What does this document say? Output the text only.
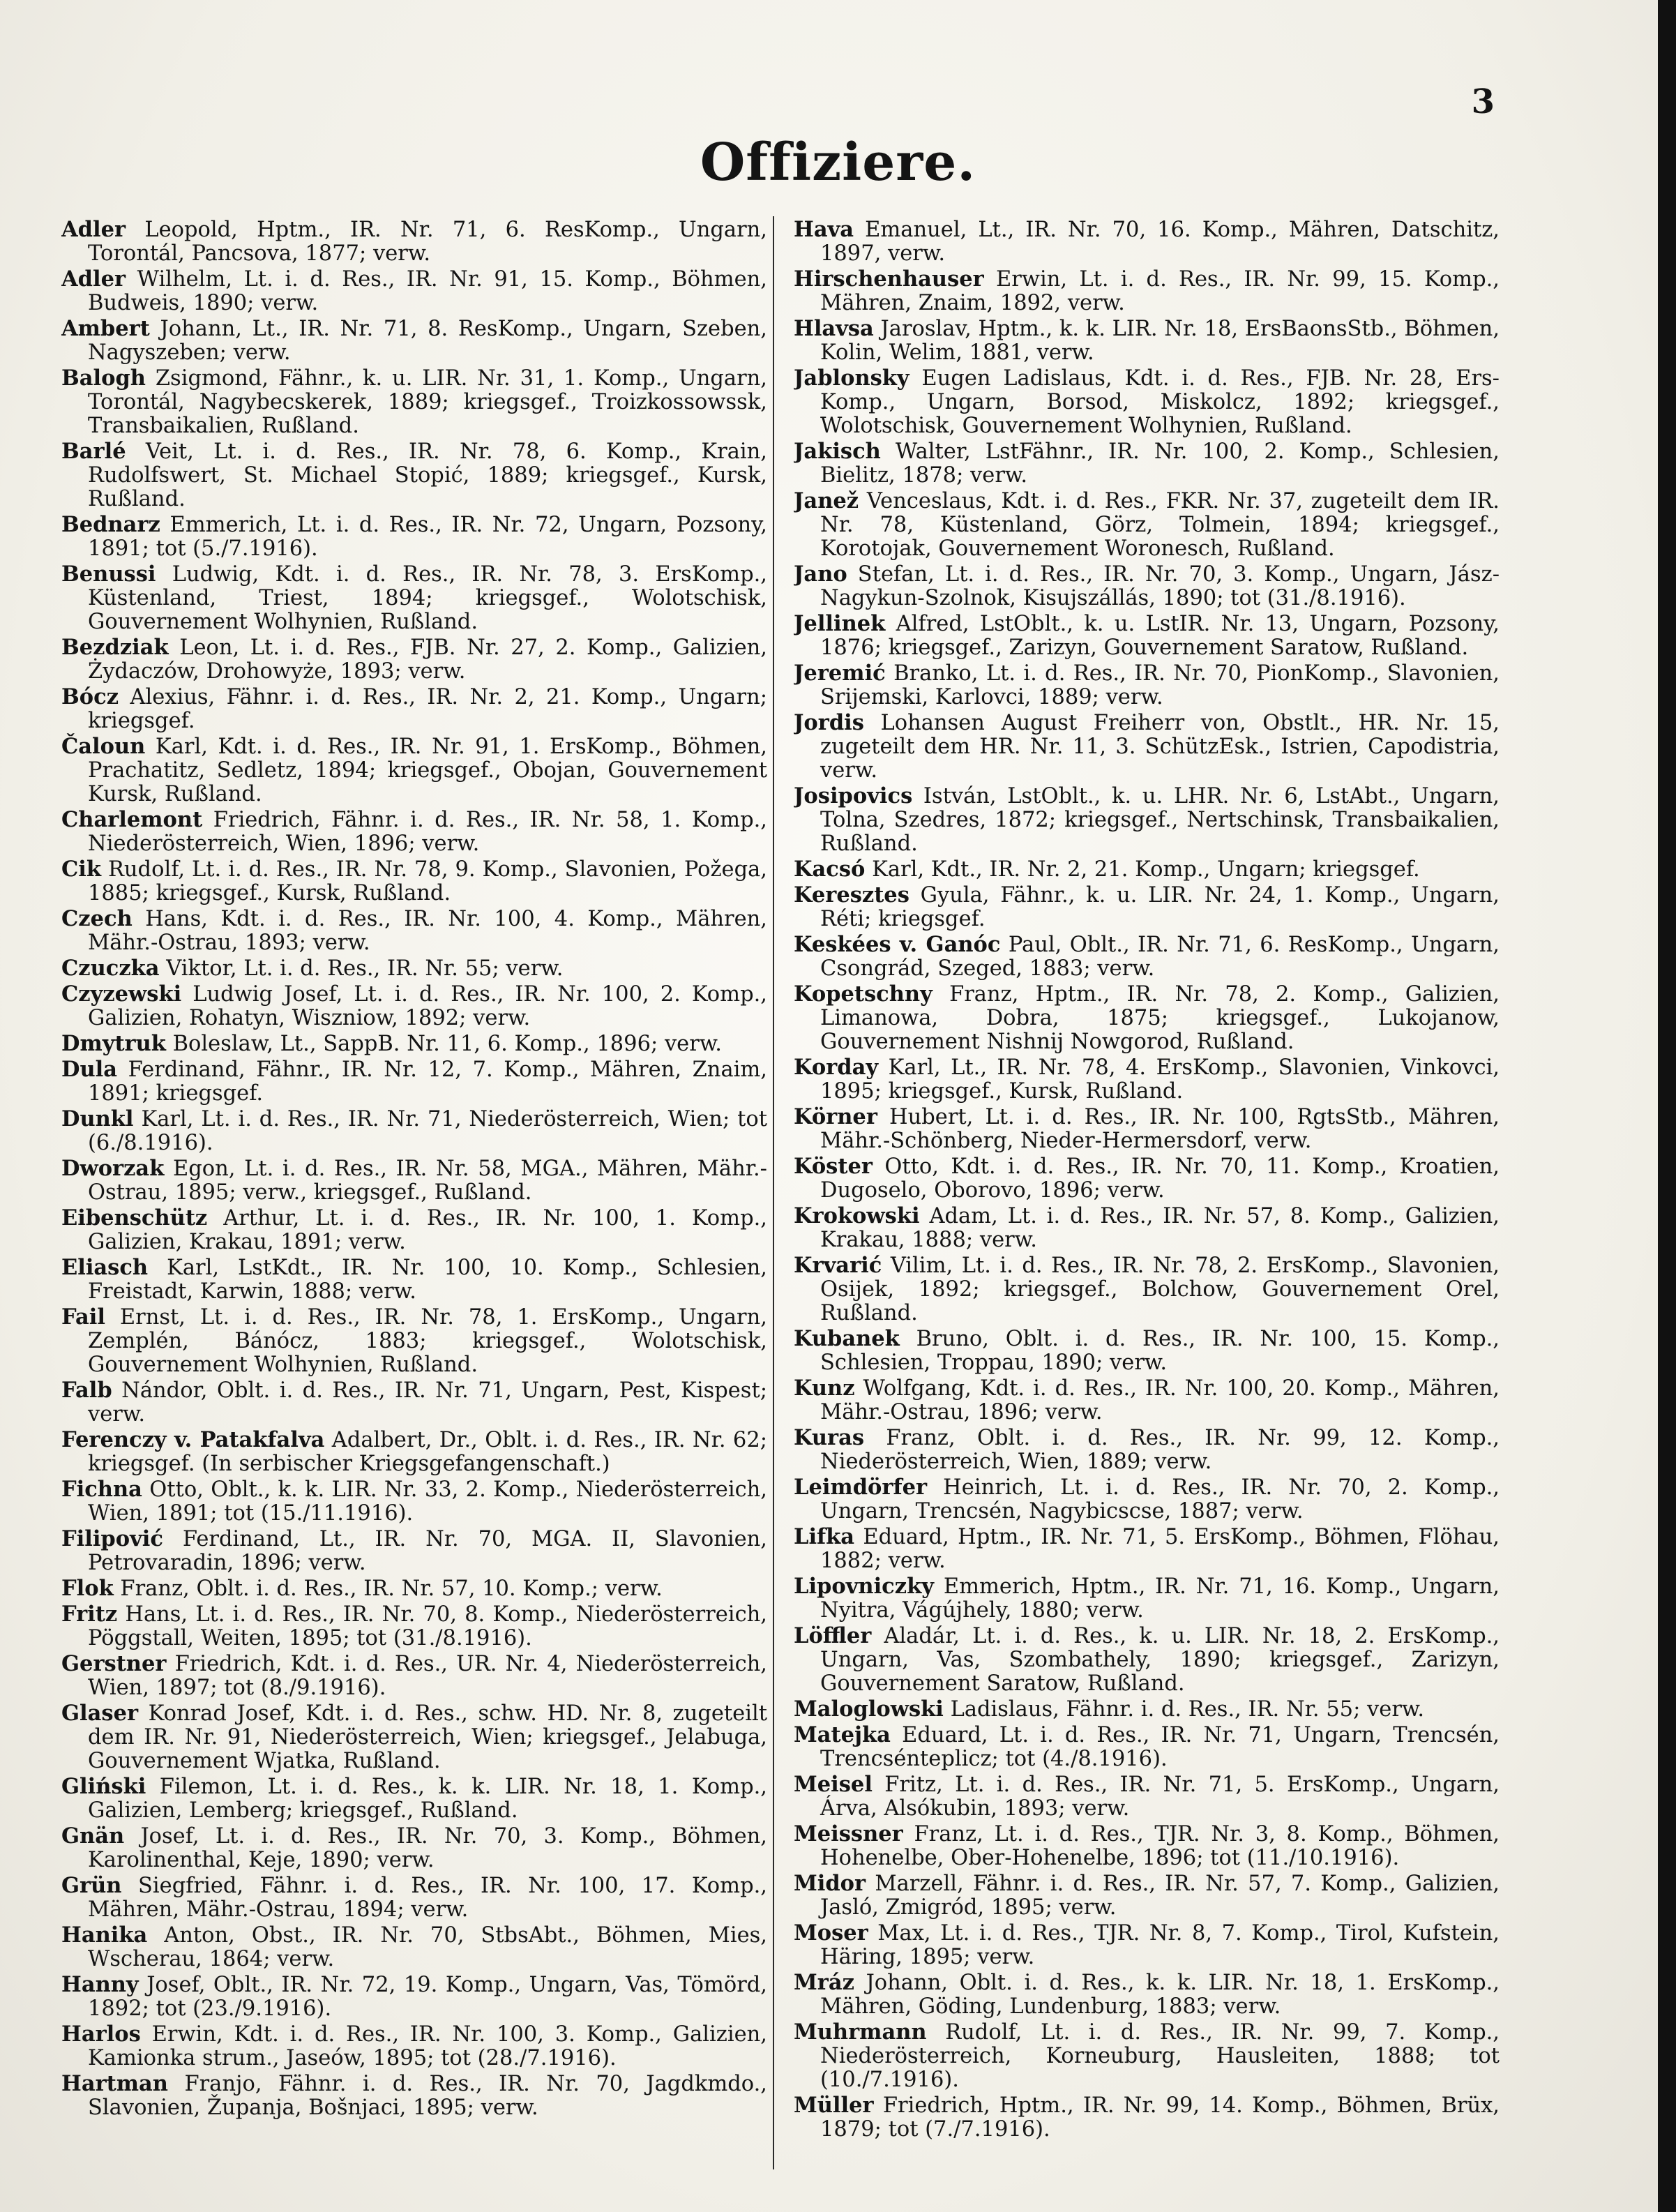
3
Offiziere.

Adler Leopold, Hptm., IR. Nr. 71, 6. ResKomp., Ungarn, Torontál, Pancsova, 1877; verw.

Adler Wilhelm, Lt. i. d. Res., IR. Nr. 91, 15. Komp., Böhmen, Budweis, 1890; verw.

Ambert Johann, Lt., IR. Nr. 71, 8. ResKomp., Ungarn, Szeben, Nagyszeben; verw.

Balogh Zsigmond, Fähnr., k. u. LIR. Nr. 31, 1. Komp., Ungarn, Torontál, Nagybecskerek, 1889; kriegsgef., Troizkossowssk, Transbaikalien, Rußland.

Barlé Veit, Lt. i. d. Res., IR. Nr. 78, 6. Komp., Krain, Rudolfswert, St. Michael Stopić, 1889; kriegsgef., Kursk, Rußland.

Bednarz Emmerich, Lt. i. d. Res., IR. Nr. 72, Ungarn, Pozsony, 1891; tot (5./7.1916).

Benussi Ludwig, Kdt. i. d. Res., IR. Nr. 78, 3. ErsKomp., Küstenland, Triest, 1894; kriegsgef., Wolotschisk, Gouvernement Wolhynien, Rußland.

Bezdziak Leon, Lt. i. d. Res., FJB. Nr. 27, 2. Komp., Galizien, Żydaczów, Drohowyże, 1893; verw.

Bócz Alexius, Fähnr. i. d. Res., IR. Nr. 2, 21. Komp., Ungarn; kriegsgef.

Čaloun Karl, Kdt. i. d. Res., IR. Nr. 91, 1. ErsKomp., Böhmen, Prachatitz, Sedletz, 1894; kriegsgef., Obojan, Gouvernement Kursk, Rußland.

Charlemont Friedrich, Fähnr. i. d. Res., IR. Nr. 58, 1. Komp., Niederösterreich, Wien, 1896; verw.

Cik Rudolf, Lt. i. d. Res., IR. Nr. 78, 9. Komp., Slavonien, Požega, 1885; kriegsgef., Kursk, Rußland.

Czech Hans, Kdt. i. d. Res., IR. Nr. 100, 4. Komp., Mähren, Mähr.-Ostrau, 1893; verw.

Czuczka Viktor, Lt. i. d. Res., IR. Nr. 55; verw.

Czyzewski Ludwig Josef, Lt. i. d. Res., IR. Nr. 100, 2. Komp., Galizien, Rohatyn, Wiszniow, 1892; verw.

Dmytruk Boleslaw, Lt., SappB. Nr. 11, 6. Komp., 1896; verw.

Dula Ferdinand, Fähnr., IR. Nr. 12, 7. Komp., Mähren, Znaim, 1891; kriegsgef.

Dunkl Karl, Lt. i. d. Res., IR. Nr. 71, Niederösterreich, Wien; tot (6./8.1916).

Dworzak Egon, Lt. i. d. Res., IR. Nr. 58, MGA., Mähren, Mähr.-Ostrau, 1895; verw., kriegsgef., Rußland.

Eibenschütz Arthur, Lt. i. d. Res., IR. Nr. 100, 1. Komp., Galizien, Krakau, 1891; verw.

Eliasch Karl, LstKdt., IR. Nr. 100, 10. Komp., Schlesien, Freistadt, Karwin, 1888; verw.

Fail Ernst, Lt. i. d. Res., IR. Nr. 78, 1. ErsKomp., Ungarn, Zemplén, Bánócz, 1883; kriegsgef., Wolotschisk, Gouvernement Wolhynien, Rußland.

Falb Nándor, Oblt. i. d. Res., IR. Nr. 71, Ungarn, Pest, Kispest; verw.

Ferenczy v. Patakfalva Adalbert, Dr., Oblt. i. d. Res., IR. Nr. 62; kriegsgef. (In serbischer Kriegsgefangenschaft.)

Fichna Otto, Oblt., k. k. LIR. Nr. 33, 2. Komp., Niederösterreich, Wien, 1891; tot (15./11.1916).

Filipović Ferdinand, Lt., IR. Nr. 70, MGA. II, Slavonien, Petrovaradin, 1896; verw.

Flok Franz, Oblt. i. d. Res., IR. Nr. 57, 10. Komp.; verw.

Fritz Hans, Lt. i. d. Res., IR. Nr. 70, 8. Komp., Niederösterreich, Pöggstall, Weiten, 1895; tot (31./8.1916).

Gerstner Friedrich, Kdt. i. d. Res., UR. Nr. 4, Niederösterreich, Wien, 1897; tot (8./9.1916).

Glaser Konrad Josef, Kdt. i. d. Res., schw. HD. Nr. 8, zugeteilt dem IR. Nr. 91, Niederösterreich, Wien; kriegsgef., Jelabuga, Gouvernement Wjatka, Rußland.

Gliński Filemon, Lt. i. d. Res., k. k. LIR. Nr. 18, 1. Komp., Galizien, Lemberg; kriegsgef., Rußland.

Gnän Josef, Lt. i. d. Res., IR. Nr. 70, 3. Komp., Böhmen, Karolinenthal, Keje, 1890; verw.

Grün Siegfried, Fähnr. i. d. Res., IR. Nr. 100, 17. Komp., Mähren, Mähr.-Ostrau, 1894; verw.

Hanika Anton, Obst., IR. Nr. 70, StbsAbt., Böhmen, Mies, Wscherau, 1864; verw.

Hanny Josef, Oblt., IR. Nr. 72, 19. Komp., Ungarn, Vas, Tömörd, 1892; tot (23./9.1916).

Harlos Erwin, Kdt. i. d. Res., IR. Nr. 100, 3. Komp., Galizien, Kamionka strum., Jaseów, 1895; tot (28./7.1916).

Hartman Franjo, Fähnr. i. d. Res., IR. Nr. 70, Jagdkmdo., Slavonien, Županja, Bošnjaci, 1895; verw.

Hava Emanuel, Lt., IR. Nr. 70, 16. Komp., Mähren, Datschitz, 1897, verw.

Hirschenhauser Erwin, Lt. i. d. Res., IR. Nr. 99, 15. Komp., Mähren, Znaim, 1892, verw.

Hlavsa Jaroslav, Hptm., k. k. LIR. Nr. 18, ErsBaonsStb., Böhmen, Kolin, Welim, 1881, verw.

Jablonsky Eugen Ladislaus, Kdt. i. d. Res., FJB. Nr. 28, Ers-Komp., Ungarn, Borsod, Miskolcz, 1892; kriegsgef., Wolotschisk, Gouvernement Wolhynien, Rußland.

Jakisch Walter, LstFähnr., IR. Nr. 100, 2. Komp., Schlesien, Bielitz, 1878; verw.

Janež Venceslaus, Kdt. i. d. Res., FKR. Nr. 37, zugeteilt dem IR. Nr. 78, Küstenland, Görz, Tolmein, 1894; kriegsgef., Korotojak, Gouvernement Woronesch, Rußland.

Jano Stefan, Lt. i. d. Res., IR. Nr. 70, 3. Komp., Ungarn, Jász-Nagykun-Szolnok, Kisujszállás, 1890; tot (31./8.1916).

Jellinek Alfred, LstOblt., k. u. LstIR. Nr. 13, Ungarn, Pozsony, 1876; kriegsgef., Zarizyn, Gouvernement Saratow, Rußland.

Jeremić Branko, Lt. i. d. Res., IR. Nr. 70, PionKomp., Slavonien, Srijemski, Karlovci, 1889; verw.

Jordis Lohansen August Freiherr von, Obstlt., HR. Nr. 15, zugeteilt dem HR. Nr. 11, 3. SchützEsk., Istrien, Capodistria, verw.

Josipovics István, LstOblt., k. u. LHR. Nr. 6, LstAbt., Ungarn, Tolna, Szedres, 1872; kriegsgef., Nertschinsk, Transbaikalien, Rußland.

Kacsó Karl, Kdt., IR. Nr. 2, 21. Komp., Ungarn; kriegsgef.

Keresztes Gyula, Fähnr., k. u. LIR. Nr. 24, 1. Komp., Ungarn, Réti; kriegsgef.

Keskées v. Ganóc Paul, Oblt., IR. Nr. 71, 6. ResKomp., Ungarn, Csongrád, Szeged, 1883; verw.

Kopetschny Franz, Hptm., IR. Nr. 78, 2. Komp., Galizien, Limanowa, Dobra, 1875; kriegsgef., Lukojanow, Gouvernement Nishnij Nowgorod, Rußland.

Korday Karl, Lt., IR. Nr. 78, 4. ErsKomp., Slavonien, Vinkovci, 1895; kriegsgef., Kursk, Rußland.

Körner Hubert, Lt. i. d. Res., IR. Nr. 100, RgtsStb., Mähren, Mähr.-Schönberg, Nieder-Hermersdorf, verw.

Köster Otto, Kdt. i. d. Res., IR. Nr. 70, 11. Komp., Kroatien, Dugoselo, Oborovo, 1896; verw.

Krokowski Adam, Lt. i. d. Res., IR. Nr. 57, 8. Komp., Galizien, Krakau, 1888; verw.

Krvarić Vilim, Lt. i. d. Res., IR. Nr. 78, 2. ErsKomp., Slavonien, Osijek, 1892; kriegsgef., Bolchow, Gouvernement Orel, Rußland.

Kubanek Bruno, Oblt. i. d. Res., IR. Nr. 100, 15. Komp., Schlesien, Troppau, 1890; verw.

Kunz Wolfgang, Kdt. i. d. Res., IR. Nr. 100, 20. Komp., Mähren, Mähr.-Ostrau, 1896; verw.

Kuras Franz, Oblt. i. d. Res., IR. Nr. 99, 12. Komp., Niederösterreich, Wien, 1889; verw.

Leimdörfer Heinrich, Lt. i. d. Res., IR. Nr. 70, 2. Komp., Ungarn, Trencsén, Nagybicscse, 1887; verw.

Lifka Eduard, Hptm., IR. Nr. 71, 5. ErsKomp., Böhmen, Flöhau, 1882; verw.

Lipovniczky Emmerich, Hptm., IR. Nr. 71, 16. Komp., Ungarn, Nyitra, Vágújhely, 1880; verw.

Löffler Aladár, Lt. i. d. Res., k. u. LIR. Nr. 18, 2. ErsKomp., Ungarn, Vas, Szombathely, 1890; kriegsgef., Zarizyn, Gouvernement Saratow, Rußland.

Maloglowski Ladislaus, Fähnr. i. d. Res., IR. Nr. 55; verw.

Matejka Eduard, Lt. i. d. Res., IR. Nr. 71, Ungarn, Trencsén, Trencsénteplicz; tot (4./8.1916).

Meisel Fritz, Lt. i. d. Res., IR. Nr. 71, 5. ErsKomp., Ungarn, Árva, Alsókubin, 1893; verw.

Meissner Franz, Lt. i. d. Res., TJR. Nr. 3, 8. Komp., Böhmen, Hohenelbe, Ober-Hohenelbe, 1896; tot (11./10.1916).

Midor Marzell, Fähnr. i. d. Res., IR. Nr. 57, 7. Komp., Galizien, Jasló, Zmigród, 1895; verw.

Moser Max, Lt. i. d. Res., TJR. Nr. 8, 7. Komp., Tirol, Kufstein, Häring, 1895; verw.

Mráz Johann, Oblt. i. d. Res., k. k. LIR. Nr. 18, 1. ErsKomp., Mähren, Göding, Lundenburg, 1883; verw.

Muhrmann Rudolf, Lt. i. d. Res., IR. Nr. 99, 7. Komp., Niederösterreich, Korneuburg, Hausleiten, 1888; tot (10./7.1916).

Müller Friedrich, Hptm., IR. Nr. 99, 14. Komp., Böhmen, Brüx, 1879; tot (7./7.1916).
